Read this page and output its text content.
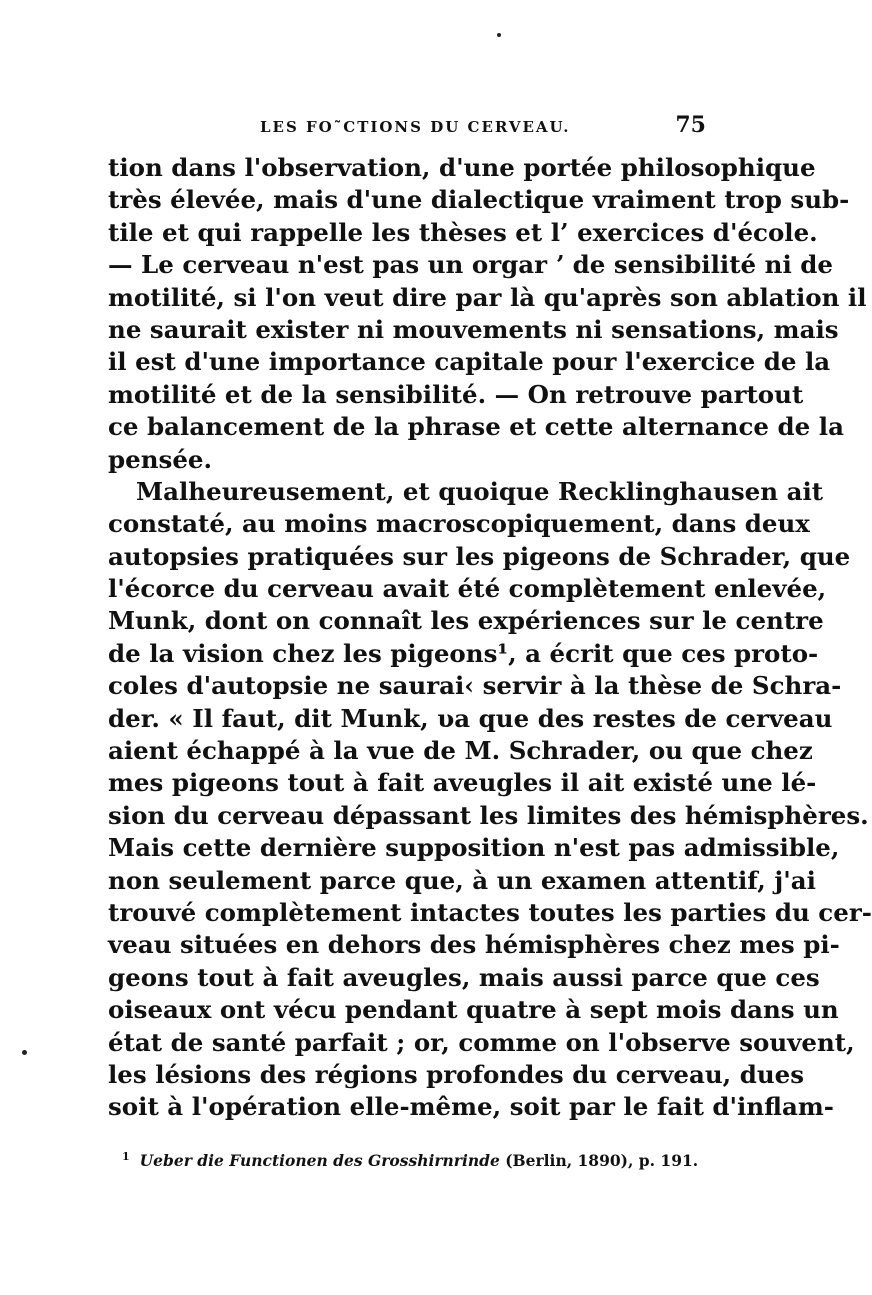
LES FO˜CTIONS DU CERVEAU.	75
tion dans l'observation, d'une portée philosophique
très élevée, mais d'une dialectique vraiment trop sub-
tile et qui rappelle les thèses et l’ exercices d'école.
— Le cerveau n'est pas un orgar ʼ de sensibilité ni de
motilité, si l'on veut dire par là qu'après son ablation il
ne saurait exister ni mouvements ni sensations, mais
il est d'une importance capitale pour l'exercice de la
motilité et de la sensibilité. — On retrouve partout
ce balancement de la phrase et cette alternance de la
pensée.
Malheureusement, et quoique Recklinghausen ait
constaté, au moins macroscopiquement, dans deux
autopsies pratiquées sur les pigeons de Schrader, que
l'écorce du cerveau avait été complètement enlevée,
Munk, dont on connaît les expériences sur le centre
de la vision chez les pigeons¹, a écrit que ces proto-
coles d'autopsie ne saurai‹ servir à la thèse de Schra-
der. « Il faut, dit Munk, υа que des restes de cerveau
aient échappé à la vue de M. Schrader, ou que chez
mes pigeons tout à fait aveugles il ait existé une lé-
sion du cerveau dépassant les limites des hémisphères.
Mais cette dernière supposition n'est pas admissible,
non seulement parce que, à un examen attentif, j'ai
trouvé complètement intactes toutes les parties du cer-
veau situées en dehors des hémisphères chez mes pi-
geons tout à fait aveugles, mais aussi parce que ces
oiseaux ont vécu pendant quatre à sept mois dans un
état de santé parfait ; or, comme on l'observe souvent,
les lésions des régions profondes du cerveau, dues
soit à l'opération elle-même, soit par le fait d'inflam-
$^1$ Ueber die Functionen des Grosshirnrinde (Berlin, 1890), p. 191.
